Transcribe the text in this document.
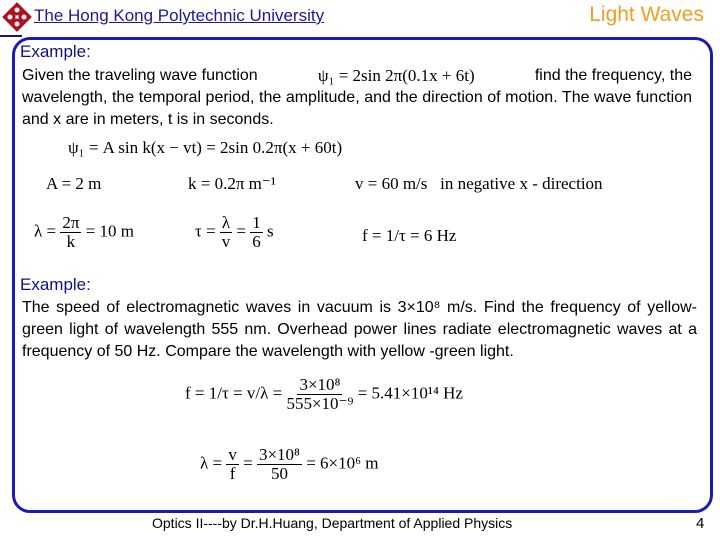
The Hong Kong Polytechnic University	Light Waves
Example:
Given the traveling wave function	ψ₁ = 2sin 2π(0.1x + 6t)	find the frequency, the
wavelength, the temporal period, the amplitude, and the direction of motion. The wave function and x are in meters, t is in seconds.
ψ₁ = A sin k(x − vt) = 2sin 0.2π(x + 60t)
A = 2 m	k = 0.2π m⁻¹	v = 60 m/s   in negative x - direction
$\lambda = \frac{2\pi}{k} = 10$ m	$\tau = \frac{\lambda}{v} = \frac{1}{6}$ s	f = 1/τ = 6 Hz
Example:
The speed of electromagnetic waves in vacuum is 3×10⁸ m/s. Find the frequency of yellow-green light of wavelength 555 nm. Overhead power lines radiate electromagnetic waves at a frequency of 50 Hz. Compare the wavelength with yellow -green light.
$f = 1/\tau = v/\lambda = \frac{\text{3×10⁸}}{\text{555×10⁻⁹}} = 5.41\times 10^{14}$ Hz
$\lambda = \frac{v}{f} = \frac{\text{3×10⁸}}{50} = 6\times 10^6$ m
Optics II----by Dr.H.Huang, Department of Applied Physics	4
